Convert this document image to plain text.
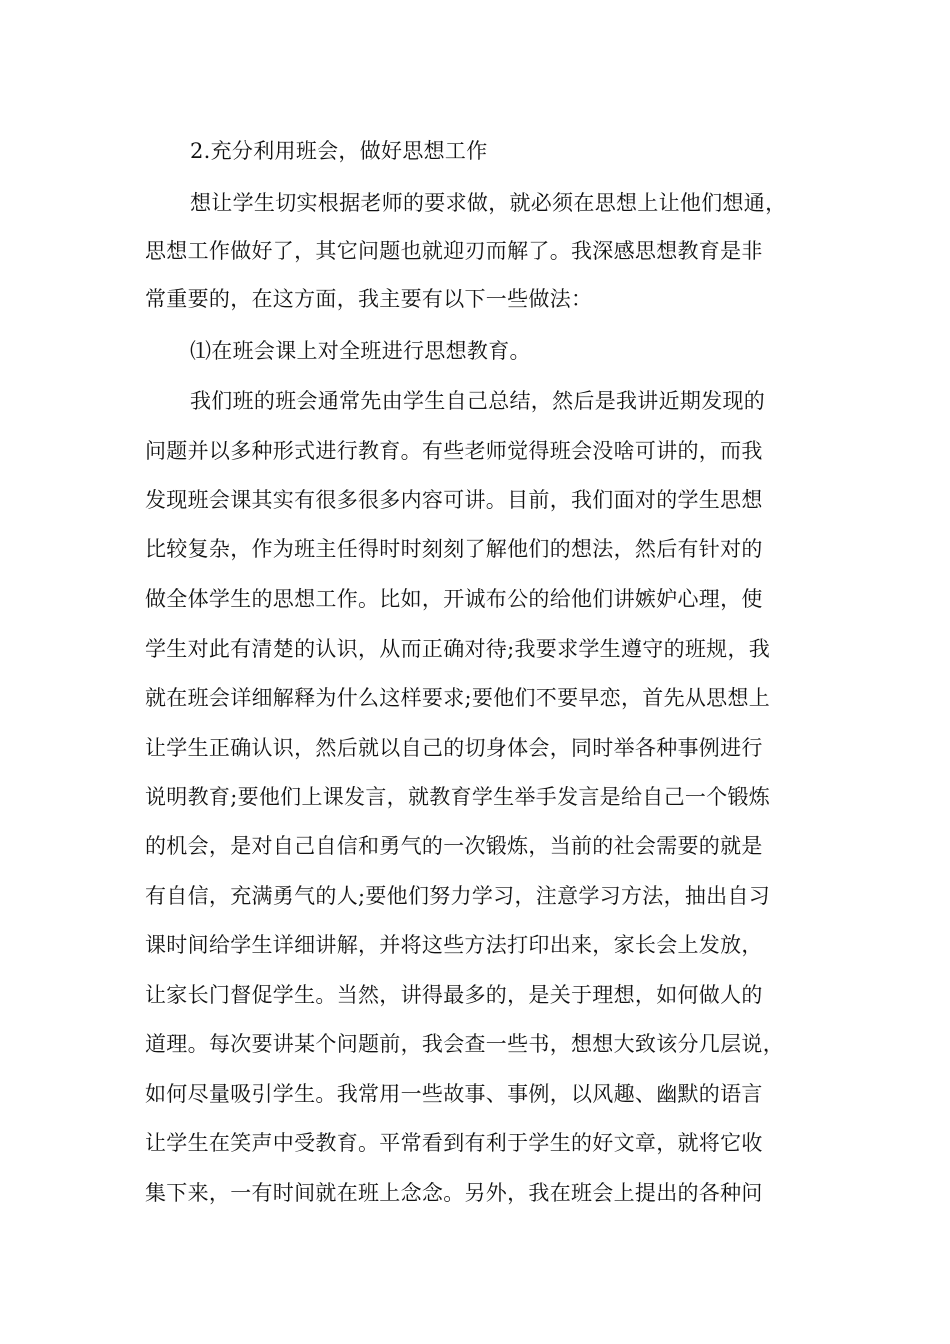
2.充分利用班会，做好思想工作
想让学生切实根据老师的要求做，就必须在思想上让他们想通，
思想工作做好了，其它问题也就迎刃而解了。我深感思想教育是非
常重要的，在这方面，我主要有以下一些做法：
⑴在班会课上对全班进行思想教育。
我们班的班会通常先由学生自己总结，然后是我讲近期发现的
问题并以多种形式进行教育。有些老师觉得班会没啥可讲的，而我
发现班会课其实有很多很多内容可讲。目前，我们面对的学生思想
比较复杂，作为班主任得时时刻刻了解他们的想法，然后有针对的
做全体学生的思想工作。比如，开诚布公的给他们讲嫉妒心理，使
学生对此有清楚的认识，从而正确对待;我要求学生遵守的班规，我
就在班会详细解释为什么这样要求;要他们不要早恋，首先从思想上
让学生正确认识，然后就以自己的切身体会，同时举各种事例进行
说明教育;要他们上课发言，就教育学生举手发言是给自己一个锻炼
的机会，是对自己自信和勇气的一次锻炼，当前的社会需要的就是
有自信，充满勇气的人;要他们努力学习，注意学习方法，抽出自习
课时间给学生详细讲解，并将这些方法打印出来，家长会上发放，
让家长门督促学生。当然，讲得最多的，是关于理想，如何做人的
道理。每次要讲某个问题前，我会查一些书，想想大致该分几层说，
如何尽量吸引学生。我常用一些故事、事例，以风趣、幽默的语言
让学生在笑声中受教育。平常看到有利于学生的好文章，就将它收
集下来，一有时间就在班上念念。另外，我在班会上提出的各种问
